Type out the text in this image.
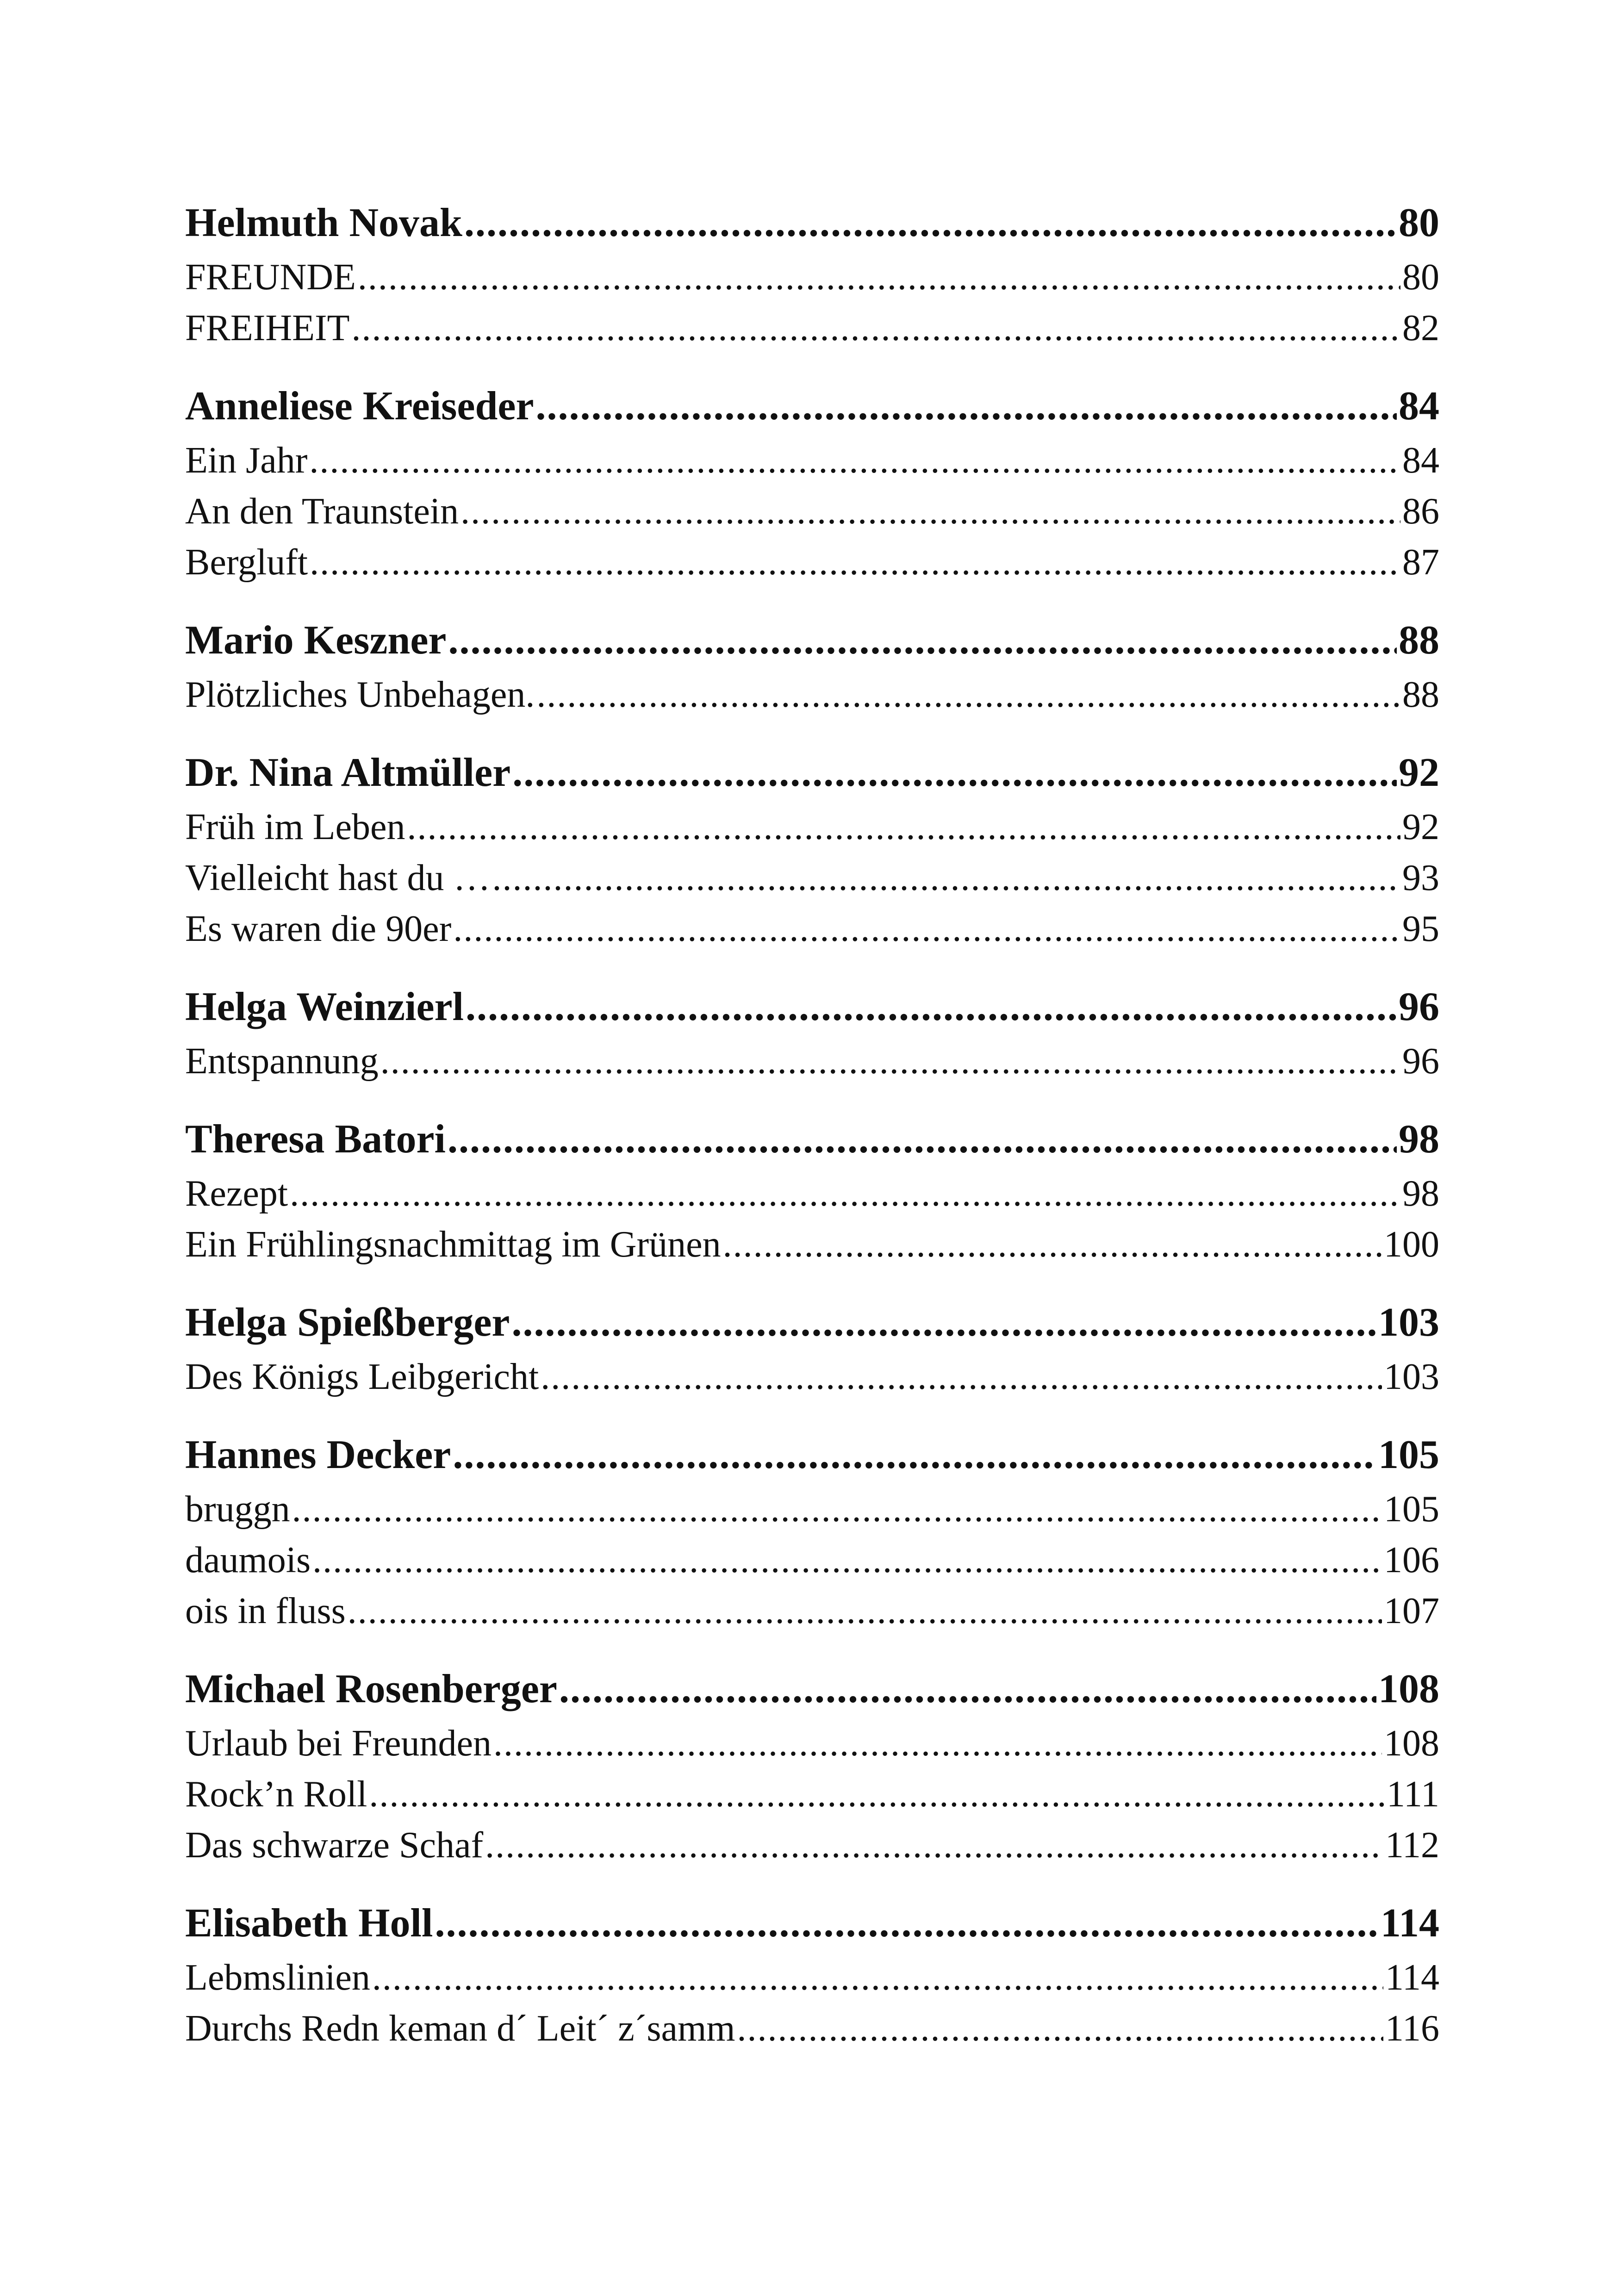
Helmuth Novak .....	80
FREUNDE .....	80
FREIHEIT .....	82
Anneliese Kreiseder .....	84
Ein Jahr .....	84
An den Traunstein .....	86
Bergluft .....	87
Mario Keszner .....	88
Plötzliches Unbehagen. .....	88
Dr. Nina Altmüller .....	92
Früh im Leben .....	92
Vielleicht hast du … .....	93
Es waren die 90er .....	95
Helga Weinzierl .....	96
Entspannung .....	96
Theresa Batori .....	98
Rezept .....	98
Ein Frühlingsnachmittag im Grünen .....	100
Helga Spießberger .....	103
Des Königs Leibgericht .....	103
Hannes Decker .....	105
bruggn .....	105
daumois .....	106
ois in fluss .....	107
Michael Rosenberger .....	108
Urlaub bei Freunden .....	108
Rock’n Roll .....	111
Das schwarze Schaf .....	112
Elisabeth Holl .....	114
Lebmslinien .....	114
Durchs Redn keman d´ Leit´ z´samm .....	116
